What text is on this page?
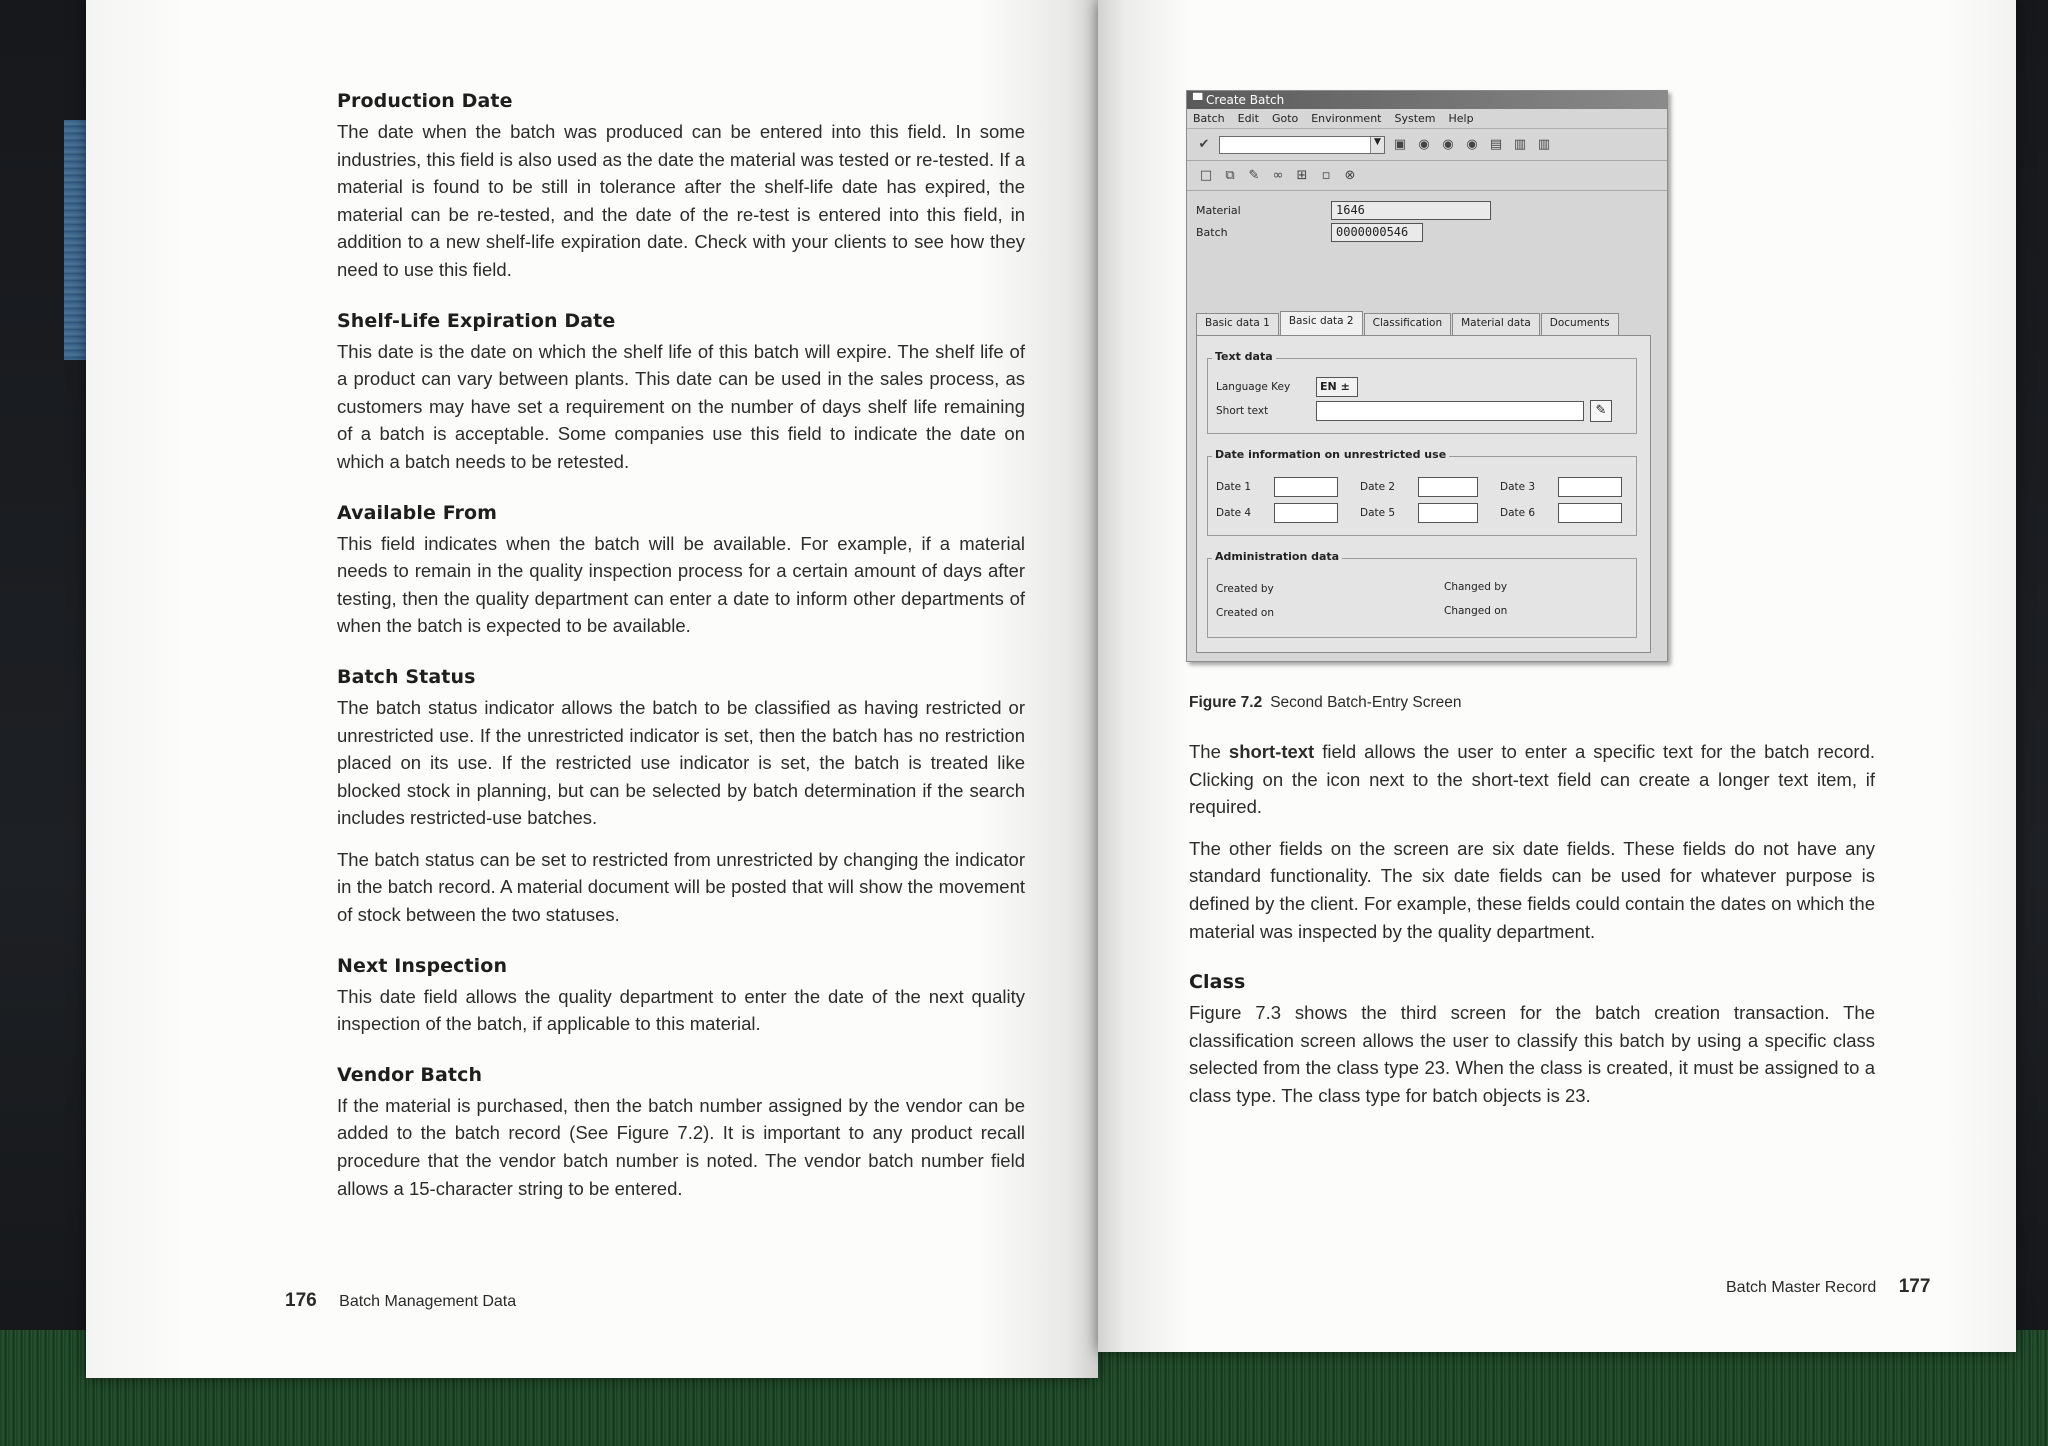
Production Date

The date when the batch was produced can be entered into this field. In some industries, this field is also used as the date the material was tested or re-tested. If a material is found to be still in tolerance after the shelf-life date has expired, the material can be re-tested, and the date of the re-test is entered into this field, in addition to a new shelf-life expiration date. Check with your clients to see how they need to use this field.

Shelf-Life Expiration Date

This date is the date on which the shelf life of this batch will expire. The shelf life of a product can vary between plants. This date can be used in the sales process, as customers may have set a requirement on the number of days shelf life remaining of a batch is acceptable. Some companies use this field to indicate the date on which a batch needs to be retested.

Available From

This field indicates when the batch will be available. For example, if a material needs to remain in the quality inspection process for a certain amount of days after testing, then the quality department can enter a date to inform other departments of when the batch is expected to be available.

Batch Status

The batch status indicator allows the batch to be classified as having restricted or unrestricted use. If the unrestricted indicator is set, then the batch has no restriction placed on its use. If the restricted use indicator is set, the batch is treated like blocked stock in planning, but can be selected by batch determination if the search includes restricted-use batches.

The batch status can be set to restricted from unrestricted by changing the indicator in the batch record. A material document will be posted that will show the movement of stock between the two statuses.

Next Inspection

This date field allows the quality department to enter the date of the next quality inspection of the batch, if applicable to this material.

Vendor Batch

If the material is purchased, then the batch number assigned by the vendor can be added to the batch record (See Figure 7.2). It is important to any product recall procedure that the vendor batch number is noted. The vendor batch number field allows a 15-character string to be entered.

176 Batch Management Data
▀ Create Batch
Batch Edit Goto Environment System Help
✔	▼ ▣ ◉ ◉ ◉ ▤ ▥ ▥
□	⧉	✎ ∞ ⊞	▫	⊗
Material	1646
Batch	0000000546
Basic data 1	Basic data 2	Classification	Material data	Documents
Text data
Language Key	EN ±
Short text	✎
Date information on unrestricted use
Date 1	Date 2	Date 3
Date 4	Date 5	Date 6
Administration data
Created by	Changed by
Created on	Changed on
Figure 7.2 Second Batch-Entry Screen

The short-text field allows the user to enter a specific text for the batch record. Clicking on the icon next to the short-text field can create a longer text item, if required.

The other fields on the screen are six date fields. These fields do not have any standard functionality. The six date fields can be used for whatever purpose is defined by the client. For example, these fields could contain the dates on which the material was inspected by the quality department.

Class

Figure 7.3 shows the third screen for the batch creation transaction. The classification screen allows the user to classify this batch by using a specific class selected from the class type 23. When the class is created, it must be assigned to a class type. The class type for batch objects is 23.

Batch Master Record 177
